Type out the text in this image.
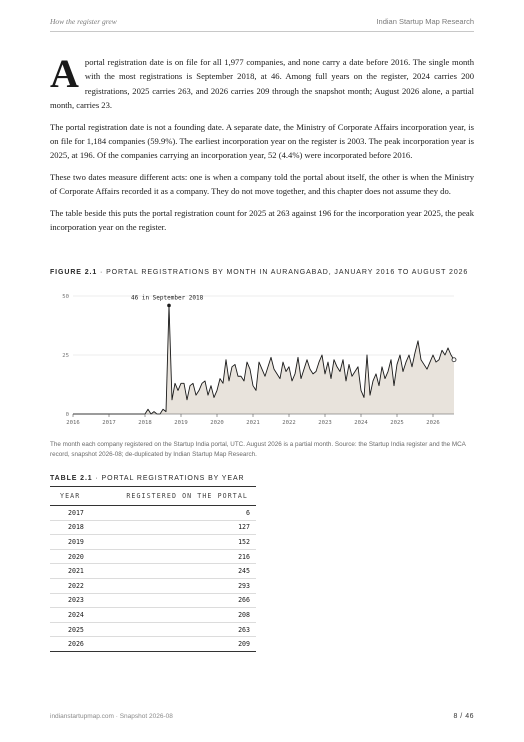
How the register grew	Indian Startup Map Research

Aportal registration date is on file for all 1,977 companies, and none carry a date before 2016. The single month with the most registrations is September 2018, at 46. Among full years on the register, 2024 carries 200 registrations, 2025 carries 263, and 2026 carries 209 through the snapshot month; August 2026 alone, a partial month, carries 23.

The portal registration date is not a founding date. A separate date, the Ministry of Corporate Affairs incorporation year, is on file for 1,184 companies (59.9%). The earliest incorporation year on the register is 2003. The peak incorporation year is 2025, at 196. Of the companies carrying an incorporation year, 52 (4.4%) were incorporated before 2016.

These two dates measure different acts: one is when a company told the portal about itself, the other is when the Ministry of Corporate Affairs recorded it as a company. They do not move together, and this chapter does not assume they do.

The table beside this puts the portal registration count for 2025 at 263 against 196 for the incorporation year 2025, the peak incorporation year on the register.

FIGURE 2.1 · PORTAL REGISTRATIONS BY MONTH IN AURANGABAD, JANUARY 2016 TO AUGUST 2026
0
25
50
2016	2017	2018	2019	2020	2021	2022	2023	2024	2025	2026
46 in September 2018
The month each company registered on the Startup India portal, UTC. August 2026 is a partial month. Source: the Startup India register and the MCA record, snapshot 2026-08; de-duplicated by Indian Startup Map Research.
TABLE 2.1 · PORTAL REGISTRATIONS BY YEAR
YEAR	REGISTERED ON THE PORTAL
2017	6
2018	127
2019	152
2020	216
2021	245
2022	293
2023	266
2024	208
2025	263
2026	209
indianstartupmap.com · Snapshot 2026-08	8 / 46
